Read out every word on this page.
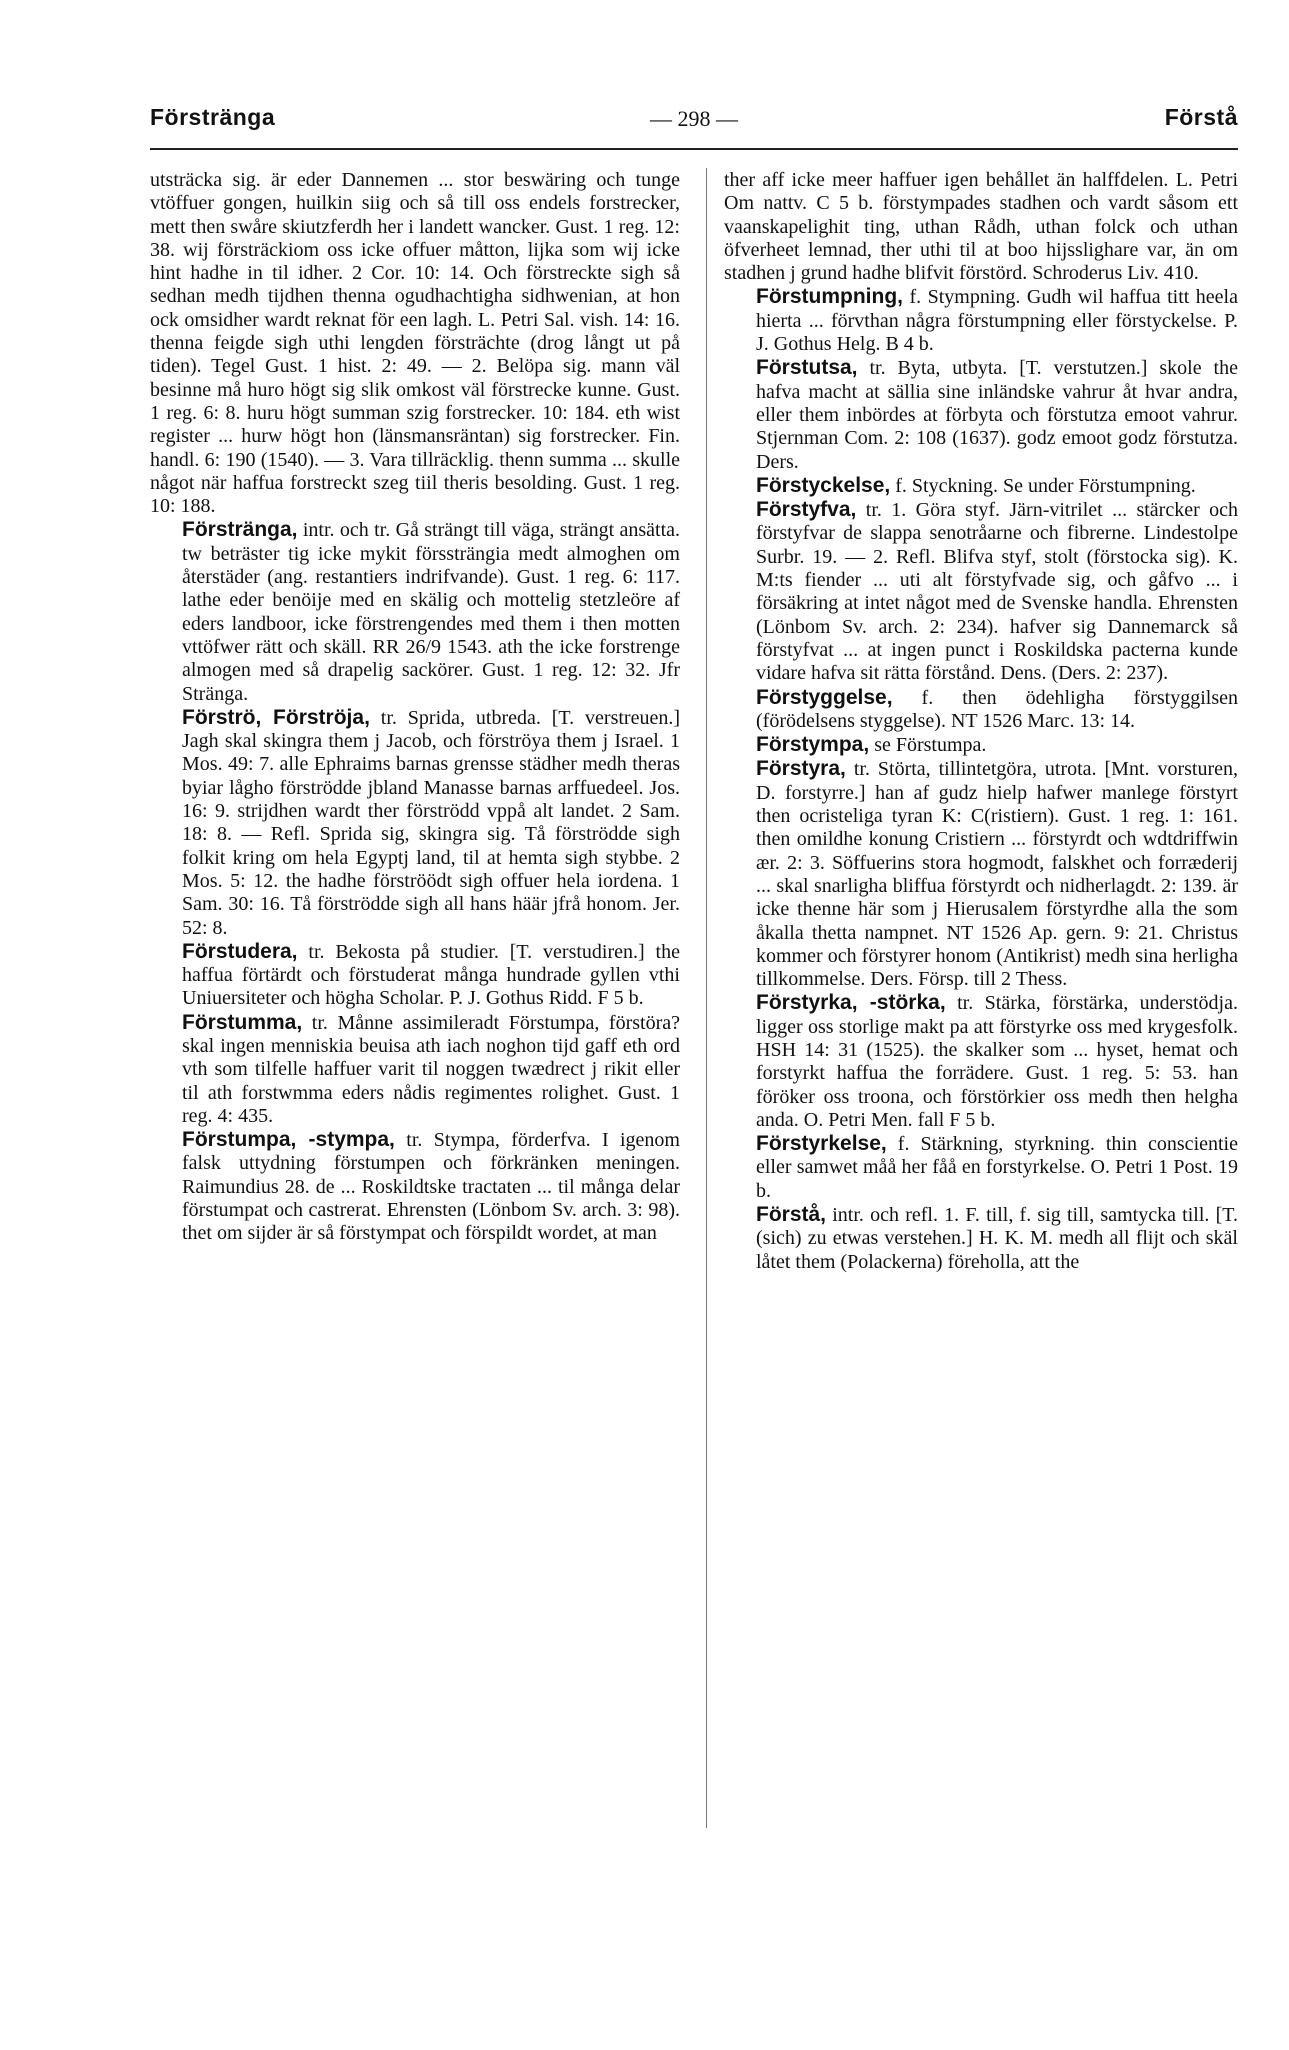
Förstränga	— 298 —	Förstå

utsträcka sig. är eder Dannemen ... stor beswäring och tunge vtöffuer gongen, huilkin siig och så till oss endels forstrecker, mett then swåre skiutzferdh her i landett wancker. Gust. 1 reg. 12: 38. wij försträckiom oss icke offuer måtton, lijka som wij icke hint hadhe in til idher. 2 Cor. 10: 14. Och förstreckte sigh så sedhan medh tijdhen thenna ogudhachtigha sidhwenian, at hon ock omsidher wardt reknat för een lagh. L. Petri Sal. vish. 14: 16. thenna feigde sigh uthi lengden försträchte (drog långt ut på tiden). Tegel Gust. 1 hist. 2: 49. — 2. Belöpa sig. mann väl besinne må huro högt sig slik omkost väl förstrecke kunne. Gust. 1 reg. 6: 8. huru högt summan szig forstrecker. 10: 184. eth wist register ... hurw högt hon (länsmansräntan) sig forstrecker. Fin. handl. 6: 190 (1540). — 3. Vara tillräcklig. thenn summa ... skulle något när haffua forstreckt szeg tiil theris besolding. Gust. 1 reg. 10: 188.

Förstränga, intr. och tr. Gå strängt till väga, strängt ansätta. tw beträster tig icke mykit förssträngia medt almoghen om återstäder (ang. restantiers indrifvande). Gust. 1 reg. 6: 117. lathe eder benöije med en skälig och mottelig stetzleöre af eders landboor, icke förstrengendes med them i then motten vttöfwer rätt och skäll. RR 26/9 1543. ath the icke forstrenge almogen med så drapelig sackörer. Gust. 1 reg. 12: 32. Jfr Stränga.

Förströ, Förströja, tr. Sprida, utbreda. [T. verstreuen.] Jagh skal skingra them j Jacob, och förströya them j Israel. 1 Mos. 49: 7. alle Ephraims barnas grensse städher medh theras byiar lågho förströdde jbland Manasse barnas arffuedeel. Jos. 16: 9. strijdhen wardt ther förströdd vppå alt landet. 2 Sam. 18: 8. — Refl. Sprida sig, skingra sig. Tå förströdde sigh folkit kring om hela Egyptj land, til at hemta sigh stybbe. 2 Mos. 5: 12. the hadhe förströödt sigh offuer hela iordena. 1 Sam. 30: 16. Tå förströdde sigh all hans häär jfrå honom. Jer. 52: 8.

Förstudera, tr. Bekosta på studier. [T. verstudiren.] the haffua förtärdt och förstuderat många hundrade gyllen vthi Uniuersiteter och höghа Scholar. P. J. Gothus Ridd. F 5 b.

Förstumma, tr. Månne assimileradt Förstumpa, förstöra? skal ingen menniskia beuisa ath iach noghon tijd gaff eth ord vth som tilfelle haffuer varit til noggen twædrect j rikit eller til ath forstwmma eders nådis regimentes rolighet. Gust. 1 reg. 4: 435.

Förstumpa, -stympa, tr. Stympa, förderfva. I igenom falsk uttydning förstumpen och förkränken meningen. Raimundius 28. de ... Roskildtske tractaten ... til många delar förstumpat och castrerat. Ehrensten (Lönbom Sv. arch. 3: 98). thet om sijder är så förstympat och förspildt wordet, at man

ther aff icke meer haffuer igen behållet än halffdelen. L. Petri Om nattv. C 5 b. förstympades stadhen och vardt såsom ett vaanskapelighit ting, uthan Rådh, uthan folck och uthan öfverheet lemnad, ther uthi til at boo hijsslighare var, än om stadhen j grund hadhe blifvit förstörd. Schroderus Liv. 410.

Förstumpning, f. Stympning. Gudh wil haffua titt heela hierta ... förvthan några förstumpning eller förstyckelse. P. J. Gothus Helg. B 4 b.

Förstutsa, tr. Byta, utbyta. [T. verstutzen.] skole the hafva macht at sällia sine inländske vahrur åt hvar andra, eller them inbördes at förbyta och förstutza emoot vahrur. Stjernman Com. 2: 108 (1637). godz emoot godz förstutza. Ders.

Förstyckelse, f. Styckning. Se under Förstumpning.

Förstyfva, tr. 1. Göra styf. Järn-vitrilet ... stärcker och förstyfvar de slappa senotråarne och fibrerne. Lindestolpe Surbr. 19. — 2. Refl. Blifva styf, stolt (förstocka sig). K. M:ts fiender ... uti alt förstyfvade sig, och gåfvo ... i försäkring at intet något med de Svenske handla. Ehrensten (Lönbom Sv. arch. 2: 234). hafver sig Dannemarck så förstyfvat ... at ingen punct i Roskildska pacterna kunde vidare hafva sit rätta förstånd. Dens. (Ders. 2: 237).

Förstyggelse, f. then ödehligha förstyggilsen (förödelsens styggelse). NT 1526 Marc. 13: 14.

Förstympa, se Förstumpa.

Förstyra, tr. Störta, tillintetgöra, utrota. [Mnt. vorsturen, D. forstyrre.] han af gudz hielp hafwer manlege förstyrt then ocristeliga tyran K: C(ristiern). Gust. 1 reg. 1: 161. then omildhe konung Cristiern ... förstyrdt och wdtdriffwin ær. 2: 3. Söffuerins stora hogmodt, falskhet och forræderij ... skal snarligha bliffua förstyrdt och nidherlagdt. 2: 139. är icke thenne här som j Hierusalem förstyrdhe alla the som åkalla thetta nampnet. NT 1526 Ap. gern. 9: 21. Christus kommer och förstyrer honom (Antikrist) medh sina herligha tillkommelse. Ders. Försp. till 2 Thess.

Förstyrka, -störka, tr. Stärka, förstärka, understödja. ligger oss storlige makt pa att förstyrke oss med krygesfolk. HSH 14: 31 (1525). the skalker som ... hyset, hemat och forstyrkt haffua the forrädere. Gust. 1 reg. 5: 53. han föröker oss troona, och förstörkier oss medh then helgha anda. O. Petri Men. fall F 5 b.

Förstyrkelse, f. Stärkning, styrkning. thin conscientie eller samwet måå her fåå en forstyrkelse. O. Petri 1 Post. 19 b.

Förstå, intr. och refl. 1. F. till, f. sig till, samtycka till. [T. (sich) zu etwas verstehen.] H. K. M. medh all flijt och skäl låtet them (Polackerna) föreholla, att the
